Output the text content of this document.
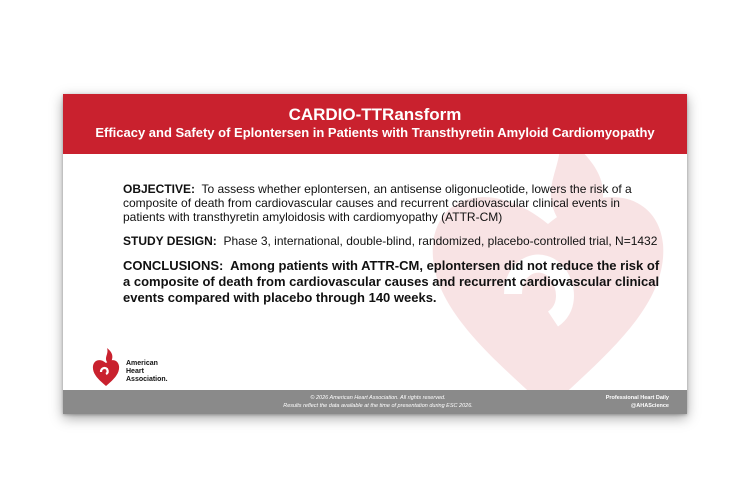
CARDIO-TTRansform
Efficacy and Safety of Eplontersen in Patients with Transthyretin Amyloid Cardiomyopathy

OBJECTIVE: To assess whether eplontersen, an antisense oligonucleotide, lowers the risk of a composite of death from cardiovascular causes and recurrent cardiovascular clinical events in patients with transthyretin amyloidosis with cardiomyopathy (ATTR-CM)

STUDY DESIGN: Phase 3, international, double-blind, randomized, placebo-controlled trial, N=1432

CONCLUSIONS: Among patients with ATTR-CM, eplontersen did not reduce the risk of a composite of death from cardiovascular causes and recurrent cardiovascular clinical events compared with placebo through 140 weeks.

American
Heart
Association.
© 2026 American Heart Association. All rights reserved.
Results reflect the data available at the time of presentation during ESC 2026.
Professional Heart Daily
@AHAScience
